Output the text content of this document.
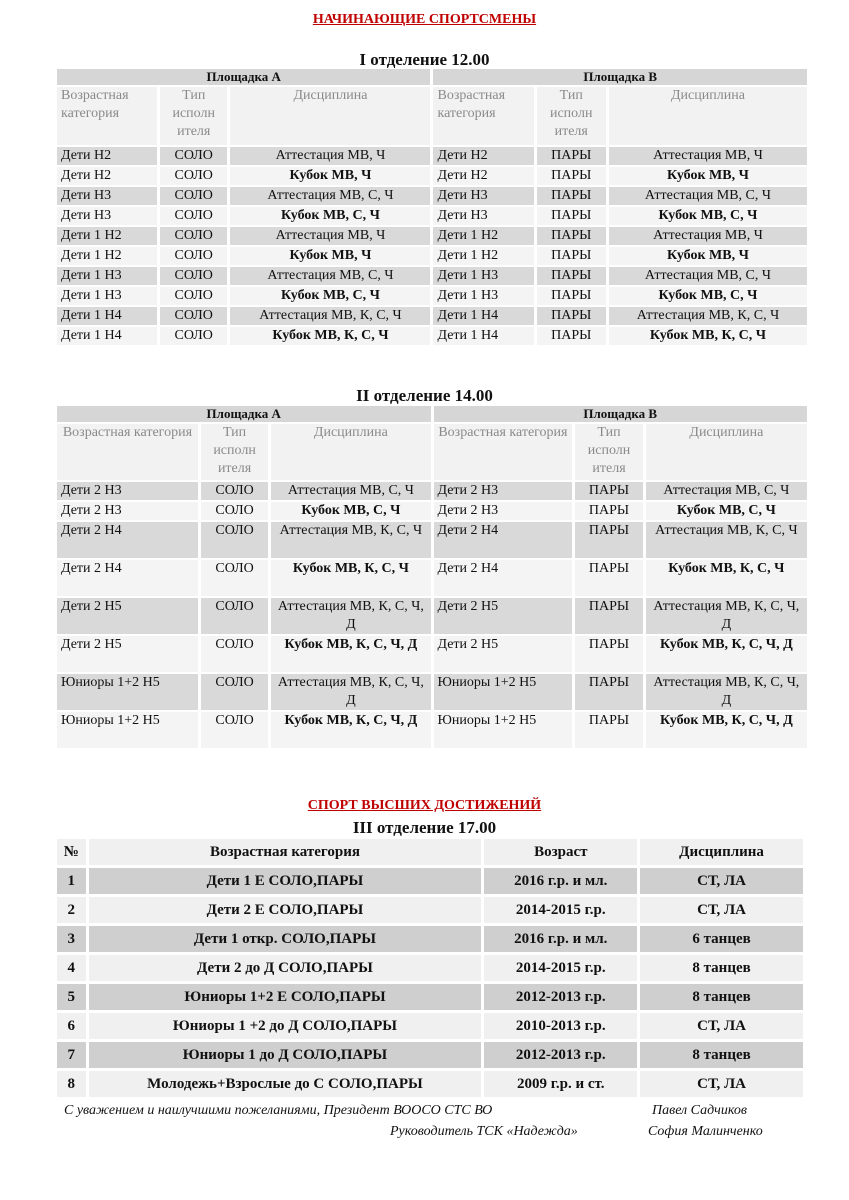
НАЧИНАЮЩИЕ СПОРТСМЕНЫ
I отделение 12.00
Площадка А			Площадка В		
Возрастная категория	Тип исполн ителя	Дисциплина	Возрастная категория	Тип исполн ителя	Дисциплина
Дети Н2	СОЛО	Аттестация МВ, Ч	Дети Н2	ПАРЫ	Аттестация МВ, Ч
Дети Н2	СОЛО	Кубок МВ, Ч	Дети Н2	ПАРЫ	Кубок МВ, Ч
Дети Н3	СОЛО	Аттестация МВ, С, Ч	Дети Н3	ПАРЫ	Аттестация МВ, С, Ч
Дети Н3	СОЛО	Кубок МВ, С, Ч	Дети Н3	ПАРЫ	Кубок МВ, С, Ч
Дети 1 Н2	СОЛО	Аттестация МВ, Ч	Дети 1 Н2	ПАРЫ	Аттестация МВ, Ч
Дети 1 Н2	СОЛО	Кубок МВ, Ч	Дети 1 Н2	ПАРЫ	Кубок МВ, Ч
Дети 1 Н3	СОЛО	Аттестация МВ, С, Ч	Дети 1 Н3	ПАРЫ	Аттестация МВ, С, Ч
Дети 1 Н3	СОЛО	Кубок МВ, С, Ч	Дети 1 Н3	ПАРЫ	Кубок МВ, С, Ч
Дети 1 Н4	СОЛО	Аттестация МВ, К, С, Ч	Дети 1 Н4	ПАРЫ	Аттестация МВ, К, С, Ч
Дети 1 Н4	СОЛО	Кубок МВ, К, С, Ч	Дети 1 Н4	ПАРЫ	Кубок МВ, К, С, Ч
II отделение 14.00
Площадка А			Площадка В		
Возрастная категория	Тип исполн ителя	Дисциплина	Возрастная категория	Тип исполн ителя	Дисциплина
Дети 2 Н3	СОЛО	Аттестация МВ, С, Ч	Дети 2 Н3	ПАРЫ	Аттестация МВ, С, Ч
Дети 2 Н3	СОЛО	Кубок МВ, С, Ч	Дети 2 Н3	ПАРЫ	Кубок МВ, С, Ч
Дети 2 Н4	СОЛО	Аттестация МВ, К, С, Ч	Дети 2 Н4	ПАРЫ	Аттестация МВ, К, С, Ч
Дети 2 Н4	СОЛО	Кубок МВ, К, С, Ч	Дети 2 Н4	ПАРЫ	Кубок МВ, К, С, Ч
Дети 2 Н5	СОЛО	Аттестация МВ, К, С, Ч, Д	Дети 2 Н5	ПАРЫ	Аттестация МВ, К, С, Ч, Д
Дети 2 Н5	СОЛО	Кубок МВ, К, С, Ч, Д	Дети 2 Н5	ПАРЫ	Кубок МВ, К, С, Ч, Д
Юниоры 1+2 Н5	СОЛО	Аттестация МВ, К, С, Ч, Д	Юниоры 1+2 Н5	ПАРЫ	Аттестация МВ, К, С, Ч, Д
Юниоры 1+2 Н5	СОЛО	Кубок МВ, К, С, Ч, Д	Юниоры 1+2 Н5	ПАРЫ	Кубок МВ, К, С, Ч, Д
СПОРТ ВЫСШИХ ДОСТИЖЕНИЙ
III отделение 17.00
№	Возрастная категория	Возраст	Дисциплина
1	Дети 1 Е СОЛО,ПАРЫ	2016 г.р. и мл.	СТ, ЛА
2	Дети 2 Е СОЛО,ПАРЫ	2014-2015 г.р.	СТ, ЛА
3	Дети 1 откр. СОЛО,ПАРЫ	2016 г.р. и мл.	6 танцев
4	Дети 2 до Д СОЛО,ПАРЫ	2014-2015 г.р.	8 танцев
5	Юниоры 1+2 Е СОЛО,ПАРЫ	2012-2013 г.р.	8 танцев
6	Юниоры 1 +2 до Д СОЛО,ПАРЫ	2010-2013 г.р.	СТ, ЛА
7	Юниоры 1 до Д СОЛО,ПАРЫ	2012-2013 г.р.	8 танцев
8	Молодежь+Взрослые до С СОЛО,ПАРЫ	2009 г.р. и ст.	СТ, ЛА
С уважением и наилучшими пожеланиями, Президент ВООСО СТС ВО	Павел Садчиков
Руководитель ТСК «Надежда»	София Малинченко
